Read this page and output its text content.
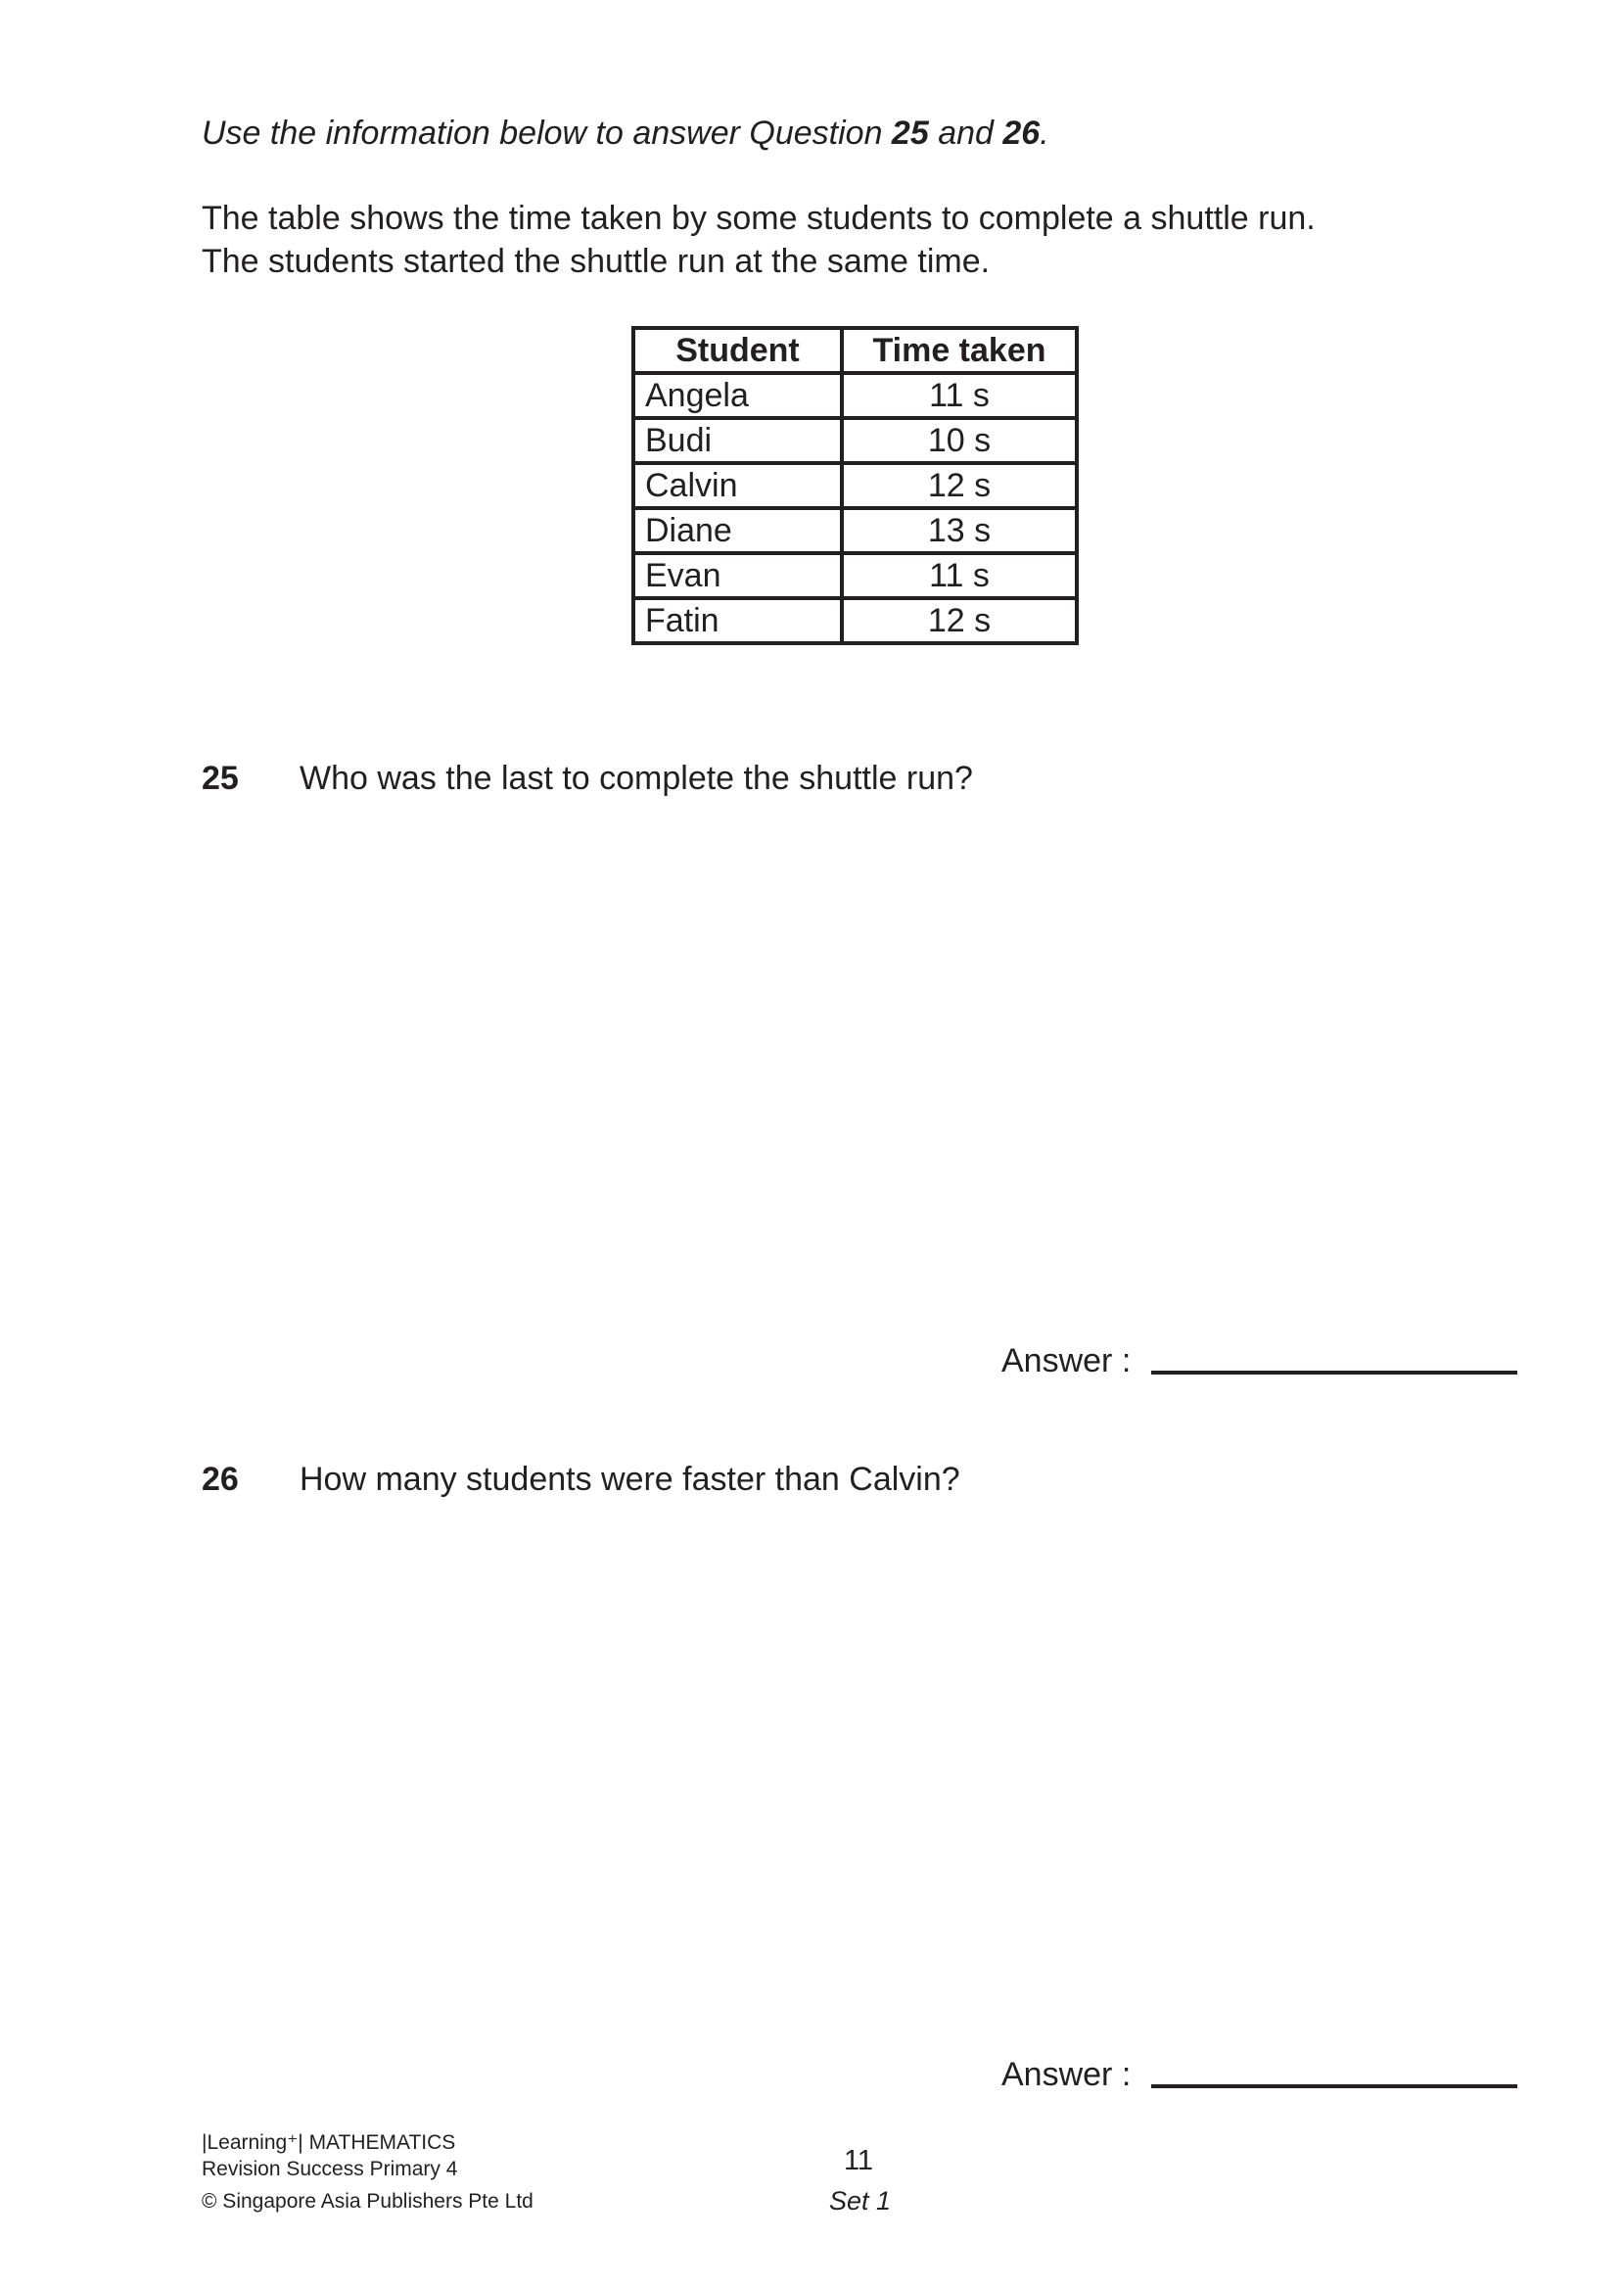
Use the information below to answer Question 25 and 26.
The table shows the time taken by some students to complete a shuttle run.
The students started the shuttle run at the same time.
Student	Time taken
Angela	11 s
Budi	10 s
Calvin	12 s
Diane	13 s
Evan	11 s
Fatin	12 s
25 Who was the last to complete the shuttle run?
Answer :
26 How many students were faster than Calvin?
Answer :
|Learning⁺| MATHEMATICS
Revision Success Primary 4
© Singapore Asia Publishers Pte Ltd
11
Set 1
